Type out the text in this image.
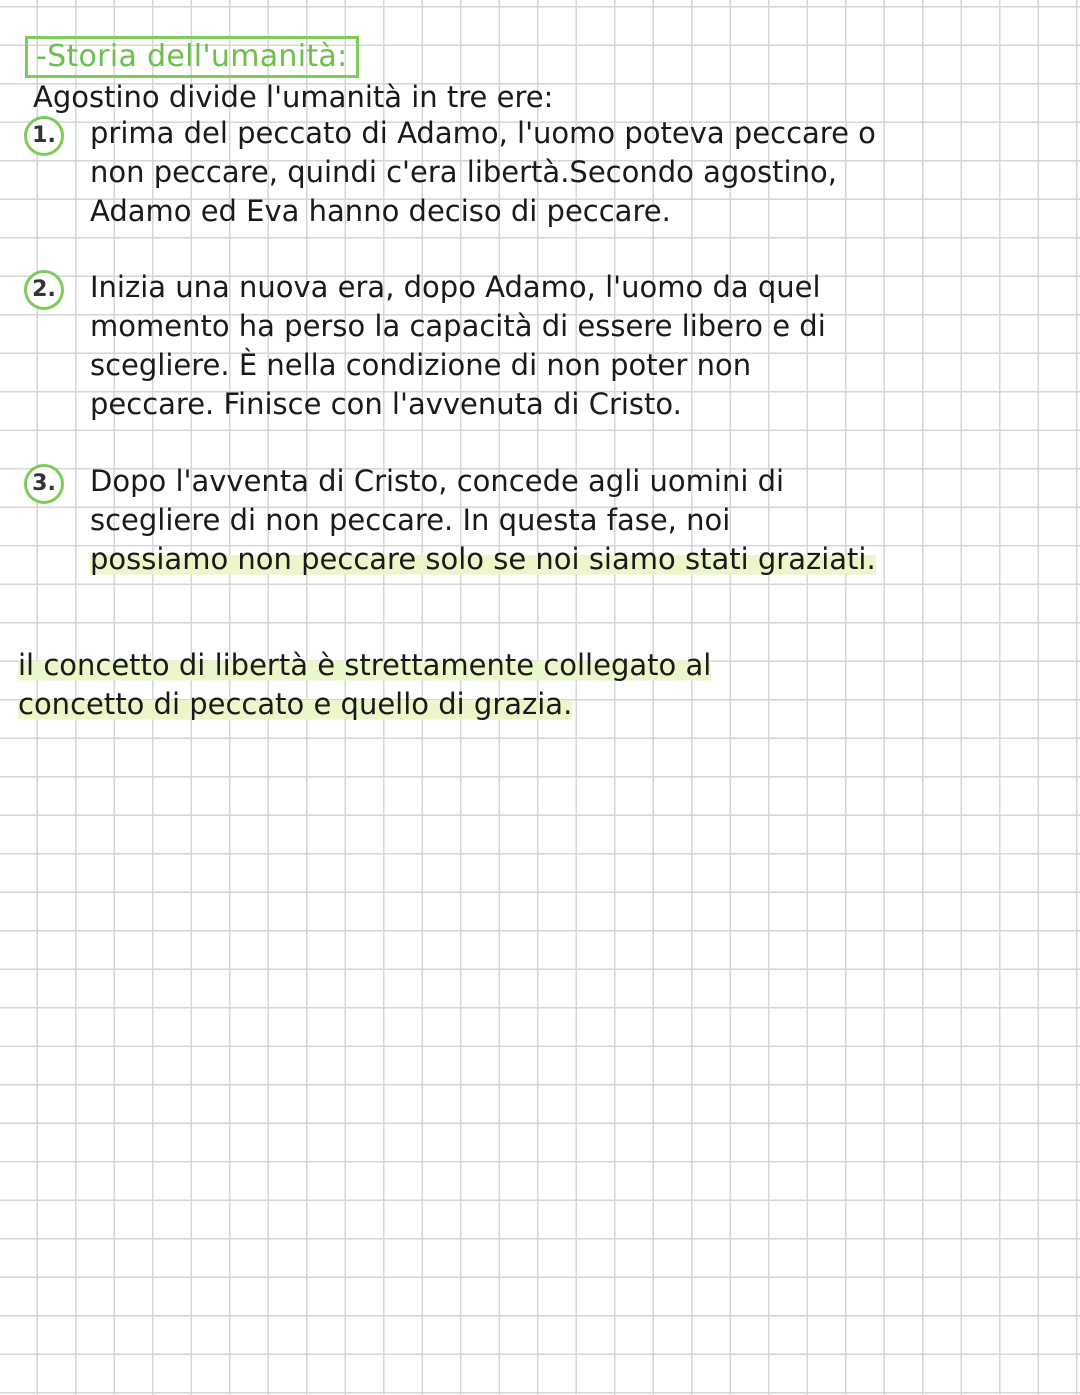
-Storia dell'umanità:
Agostino divide l'umanità in tre ere:
1. prima del peccato di Adamo, l'uomo poteva peccare o
non peccare, quindi c'era libertà.Secondo agostino,
Adamo ed Eva hanno deciso di peccare.
2. Inizia una nuova era, dopo Adamo, l'uomo da quel
momento ha perso la capacità di essere libero e di
scegliere. È nella condizione di non poter non
peccare. Finisce con l'avvenuta di Cristo.
3. Dopo l'avventa di Cristo, concede agli uomini di
scegliere di non peccare. In questa fase, noi
possiamo non peccare solo se noi siamo stati graziati.
il concetto di libertà è strettamente collegato al
concetto di peccato e quello di grazia.
